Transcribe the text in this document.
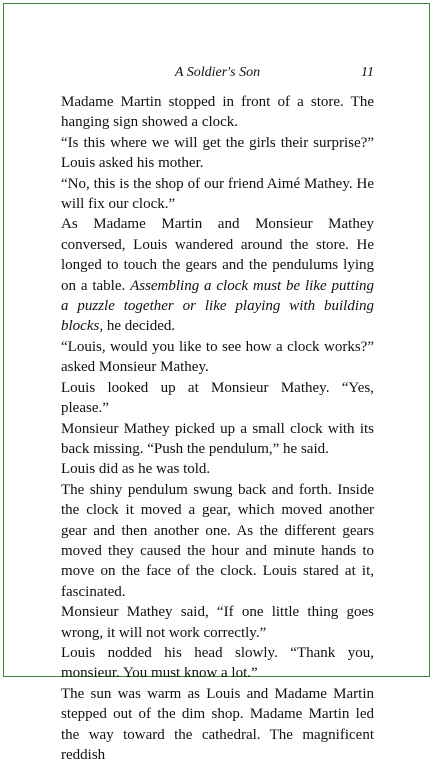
A Soldier's Son	11

Madame Martin stopped in front of a store. The hanging sign showed a clock.

“Is this where we will get the girls their surprise?” Louis asked his mother.

“No, this is the shop of our friend Aimé Mathey. He will fix our clock.”

As Madame Martin and Monsieur Mathey conversed, Louis wandered around the store. He longed to touch the gears and the pendulums lying on a table. Assembling a clock must be like putting a puzzle together or like playing with building blocks, he decided.

“Louis, would you like to see how a clock works?” asked Monsieur Mathey.

Louis looked up at Monsieur Mathey. “Yes, please.”

Monsieur Mathey picked up a small clock with its back missing. “Push the pendulum,” he said.

Louis did as he was told.

The shiny pendulum swung back and forth. Inside the clock it moved a gear, which moved another gear and then another one. As the different gears moved they caused the hour and minute hands to move on the face of the clock. Louis stared at it, fascinated.

Monsieur Mathey said, “If one little thing goes wrong, it will not work correctly.”

Louis nodded his head slowly. “Thank you, monsieur. You must know a lot.”

The sun was warm as Louis and Madame Martin stepped out of the dim shop. Madame Martin led the way toward the cathedral. The magnificent reddish
